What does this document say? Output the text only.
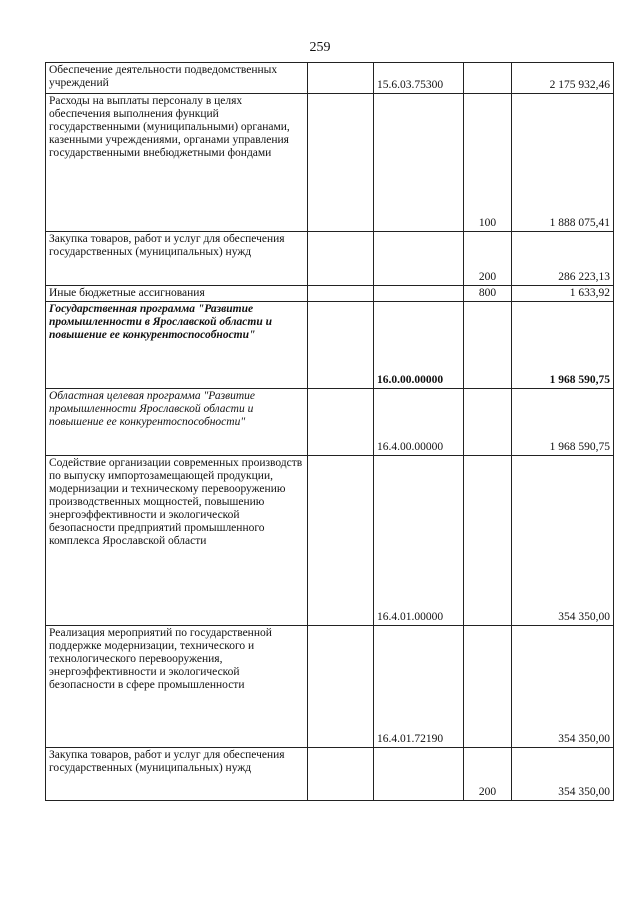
259
Обеспечение деятельности подведомственных учреждений		15.6.03.75300		2 175 932,46
Расходы на выплаты персоналу в целях обеспечения выполнения функций государственными (муниципальными) органами, казенными учреждениями, органами управления государственными внебюджетными фондами			100	1 888 075,41
Закупка товаров, работ и услуг для обеспечения государственных (муниципальных) нужд			200	286 223,13
Иные бюджетные ассигнования			800	1 633,92
Государственная программа "Развитие промышленности в Ярославской области и повышение ее конкурентоспособности"		16.0.00.00000		1 968 590,75
Областная целевая программа "Развитие промышленности Ярославской области и повышение ее конкурентоспособности"		16.4.00.00000		1 968 590,75
Содействие организации современных производств по выпуску импортозамещающей продукции, модернизации и техническому перевооружению производственных мощностей, повышению энергоэффективности и экологической безопасности предприятий промышленного комплекса Ярославской области		16.4.01.00000		354 350,00
Реализация мероприятий по государственной поддержке модернизации, технического и технологического перевооружения, энергоэффективности и экологической безопасности в сфере промышленности		16.4.01.72190		354 350,00
Закупка товаров, работ и услуг для обеспечения государственных (муниципальных) нужд			200	354 350,00
